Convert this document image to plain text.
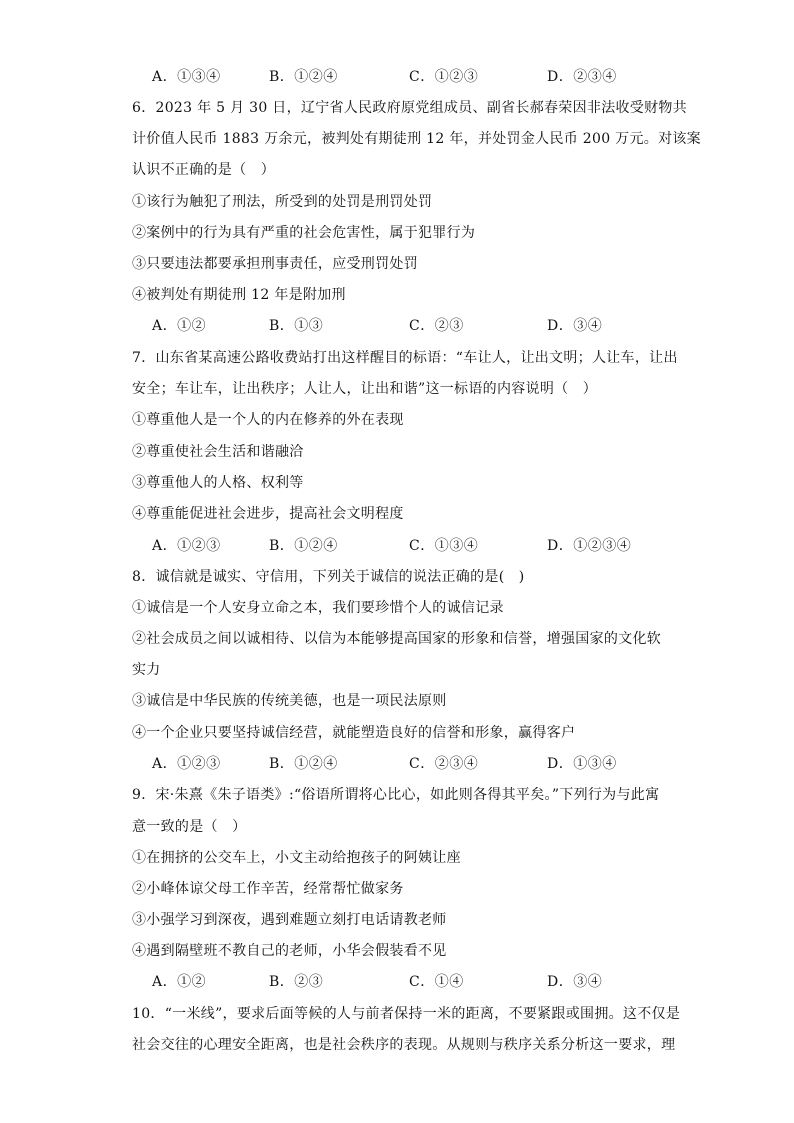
A．①③④	B．①②④	C．①②③	D．②③④
6．2023 年 5 月 30 日，辽宁省人民政府原党组成员、副省长郝春荣因非法收受财物共
计价值人民币 1883 万余元，被判处有期徒刑 12 年，并处罚金人民币 200 万元。对该案
认识不正确的是（　）
①该行为触犯了刑法，所受到的处罚是刑罚处罚
②案例中的行为具有严重的社会危害性，属于犯罪行为
③只要违法都要承担刑事责任，应受刑罚处罚
④被判处有期徒刑 12 年是附加刑
A．①②	B．①③	C．②③	D．③④
7．山东省某高速公路收费站打出这样醒目的标语：“车让人，让出文明；人让车，让出
安全；车让车，让出秩序；人让人，让出和谐”这一标语的内容说明（　）
①尊重他人是一个人的内在修养的外在表现
②尊重使社会生活和谐融洽
③尊重他人的人格、权利等
④尊重能促进社会进步，提高社会文明程度
A．①②③	B．①②④	C．①③④	D．①②③④
8．诚信就是诚实、守信用，下列关于诚信的说法正确的是(　)
①诚信是一个人安身立命之本，我们要珍惜个人的诚信记录
②社会成员之间以诚相待、以信为本能够提高国家的形象和信誉，增强国家的文化软
实力
③诚信是中华民族的传统美德，也是一项民法原则
④一个企业只要坚持诚信经营，就能塑造良好的信誉和形象，赢得客户
A．①②③	B．①②④	C．②③④	D．①③④
9．宋·朱熹《朱子语类》:“俗语所谓将心比心，如此则各得其平矣。”下列行为与此寓
意一致的是（　）
①在拥挤的公交车上，小文主动给抱孩子的阿姨让座
②小峰体谅父母工作辛苦，经常帮忙做家务
③小强学习到深夜，遇到难题立刻打电话请教老师
④遇到隔壁班不教自己的老师，小华会假装看不见
A．①②	B．②③	C．①④	D．③④
10．“一米线”，要求后面等候的人与前者保持一米的距离，不要紧跟或围拥。这不仅是
社会交往的心理安全距离，也是社会秩序的表现。从规则与秩序关系分析这一要求，理
